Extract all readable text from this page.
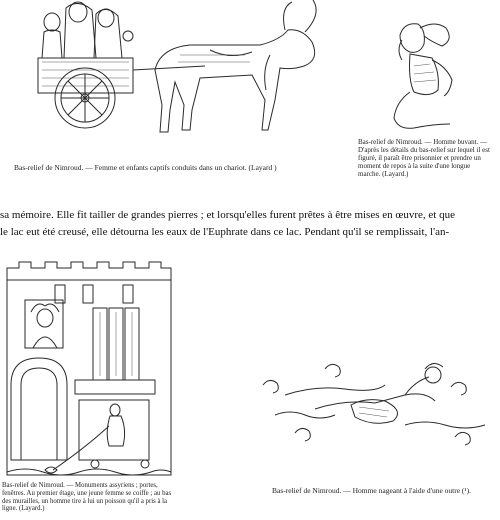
Bas-relief de Nimroud. — Femme et enfants captifs conduits dans un chariot. (Layard )
Bas-relief de Nimroud. — Homme buvant. — D'après les détails du bas-relief sur lequel il est figuré, il paraît être prisonnier et prendre un moment de repos à la suite d'une longue marche. (Layard.)
sa mémoire. Elle fit tailler de grandes pierres ; et lorsqu'elles furent prêtes à être mises en œuvre, et que
le lac eut été creusé, elle détourna les eaux de l'Euphrate dans ce lac. Pendant qu'il se remplissait, l'an-
Bas-relief de Nimroud. — Monuments assyriens ; portes, fenêtres. Au premier étage, une jeune femme se coiffe ; au bas des murailles, un homme tire à lui un poisson qu'il a pris à la ligne. (Layard.)
Bas-relief de Nimroud. — Homme nageant à l'aide d'une outre (¹).
